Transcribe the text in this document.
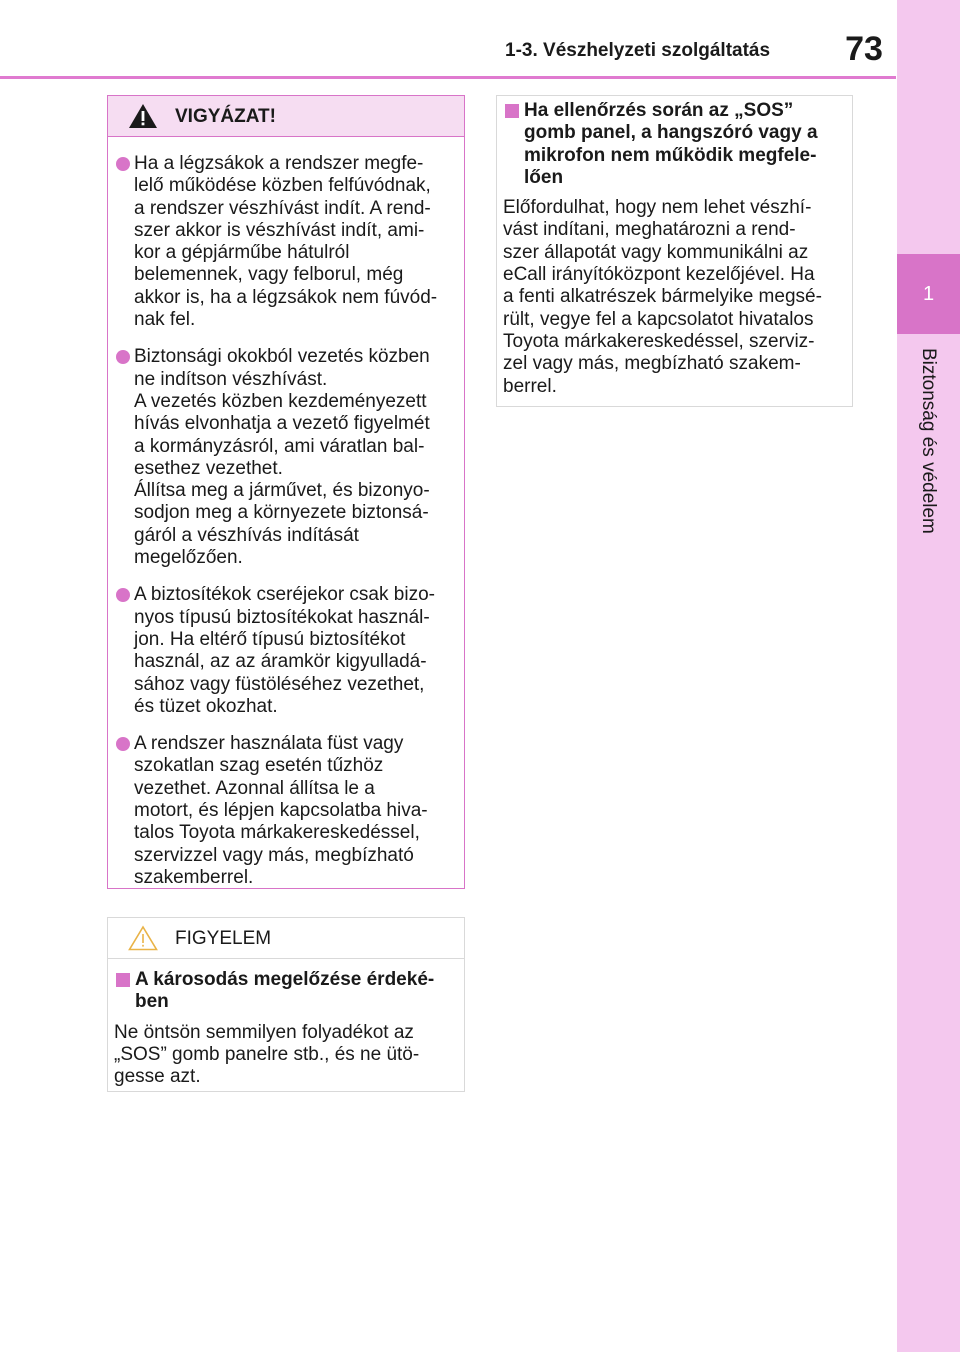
1-3. Vészhelyzeti szolgáltatás 73
1
Biztonság és védelem
VIGYÁZAT!
Ha a légzsákok a rendszer megfe-
lelő működése közben felfúvódnak,
a rendszer vészhívást indít. A rend-
szer akkor is vészhívást indít, ami-
kor a gépjárműbe hátulról
belemennek, vagy felborul, még
akkor is, ha a légzsákok nem fúvód-
nak fel.
Biztonsági okokból vezetés közben
ne indítson vészhívást.
A vezetés közben kezdeményezett
hívás elvonhatja a vezető figyelmét
a kormányzásról, ami váratlan bal-
esethez vezethet.
Állítsa meg a járművet, és bizonyo-
sodjon meg a környezete biztonsá-
gáról a vészhívás indítását
megelőzően.
A biztosítékok cseréjekor csak bizo-
nyos típusú biztosítékokat használ-
jon. Ha eltérő típusú biztosítékot
használ, az az áramkör kigyulladá-
sához vagy füstöléséhez vezethet,
és tüzet okozhat.
A rendszer használata füst vagy
szokatlan szag esetén tűzhöz
vezethet. Azonnal állítsa le a
motort, és lépjen kapcsolatba hiva-
talos Toyota márkakereskedéssel,
szervizzel vagy más, megbízható
szakemberrel.
FIGYELEM
A károsodás megelőzése érdeké-
ben
Ne öntsön semmilyen folyadékot az
„SOS” gomb panelre stb., és ne ütö-
gesse azt.
Ha ellenőrzés során az „SOS”
gomb panel, a hangszóró vagy a
mikrofon nem működik megfele-
lően
Előfordulhat, hogy nem lehet vészhí-
vást indítani, meghatározni a rend-
szer állapotát vagy kommunikálni az
eCall irányítóközpont kezelőjével. Ha
a fenti alkatrészek bármelyike megsé-
rült, vegye fel a kapcsolatot hivatalos
Toyota márkakereskedéssel, szerviz-
zel vagy más, megbízható szakem-
berrel.
